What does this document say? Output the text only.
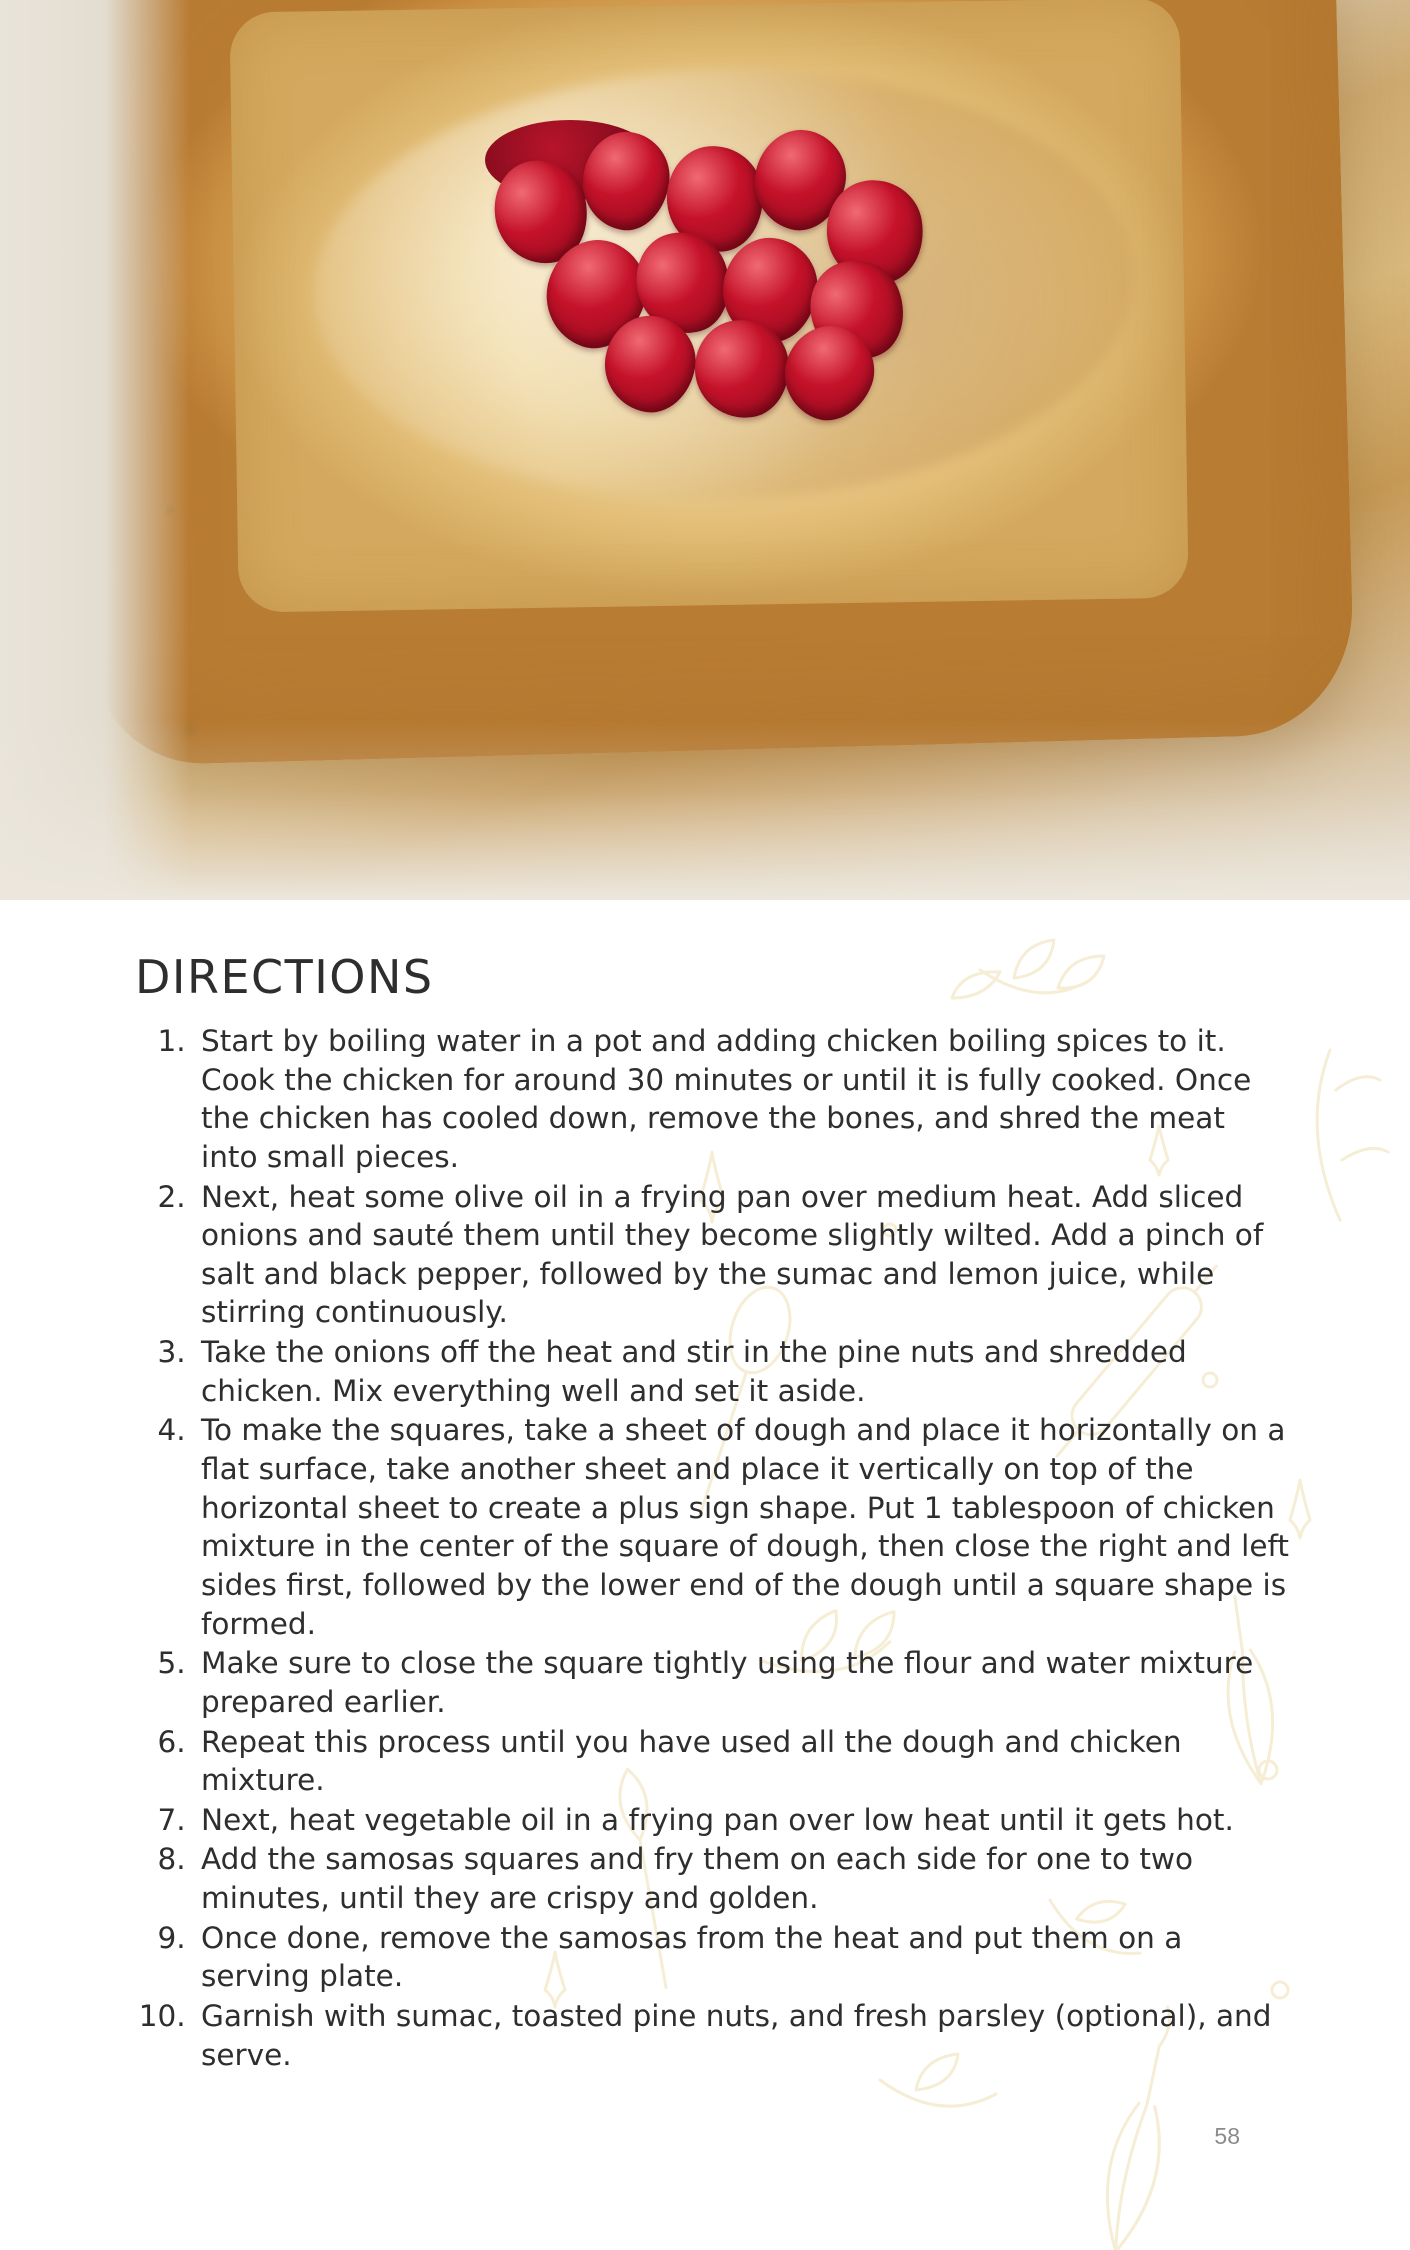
DIRECTIONS
1. Start by boiling water in a pot and adding chicken boiling spices to it. Cook the chicken for around 30 minutes or until it is fully cooked. Once the chicken has cooled down, remove the bones, and shred the meat into small pieces.
2. Next, heat some olive oil in a frying pan over medium heat. Add sliced onions and sauté them until they become slightly wilted. Add a pinch of salt and black pepper, followed by the sumac and lemon juice, while stirring continuously.
3. Take the onions off the heat and stir in the pine nuts and shredded chicken. Mix everything well and set it aside.
4. To make the squares, take a sheet of dough and place it horizontally on a flat surface, take another sheet and place it vertically on top of the horizontal sheet to create a plus sign shape. Put 1 tablespoon of chicken mixture in the center of the square of dough, then close the right and left sides first, followed by the lower end of the dough until a square shape is formed.
5. Make sure to close the square tightly using the flour and water mixture prepared earlier.
6. Repeat this process until you have used all the dough and chicken mixture.
7. Next, heat vegetable oil in a frying pan over low heat until it gets hot.
8. Add the samosas squares and fry them on each side for one to two minutes, until they are crispy and golden.
9. Once done, remove the samosas from the heat and put them on a serving plate.
10. Garnish with sumac, toasted pine nuts, and fresh parsley (optional), and serve.
58
